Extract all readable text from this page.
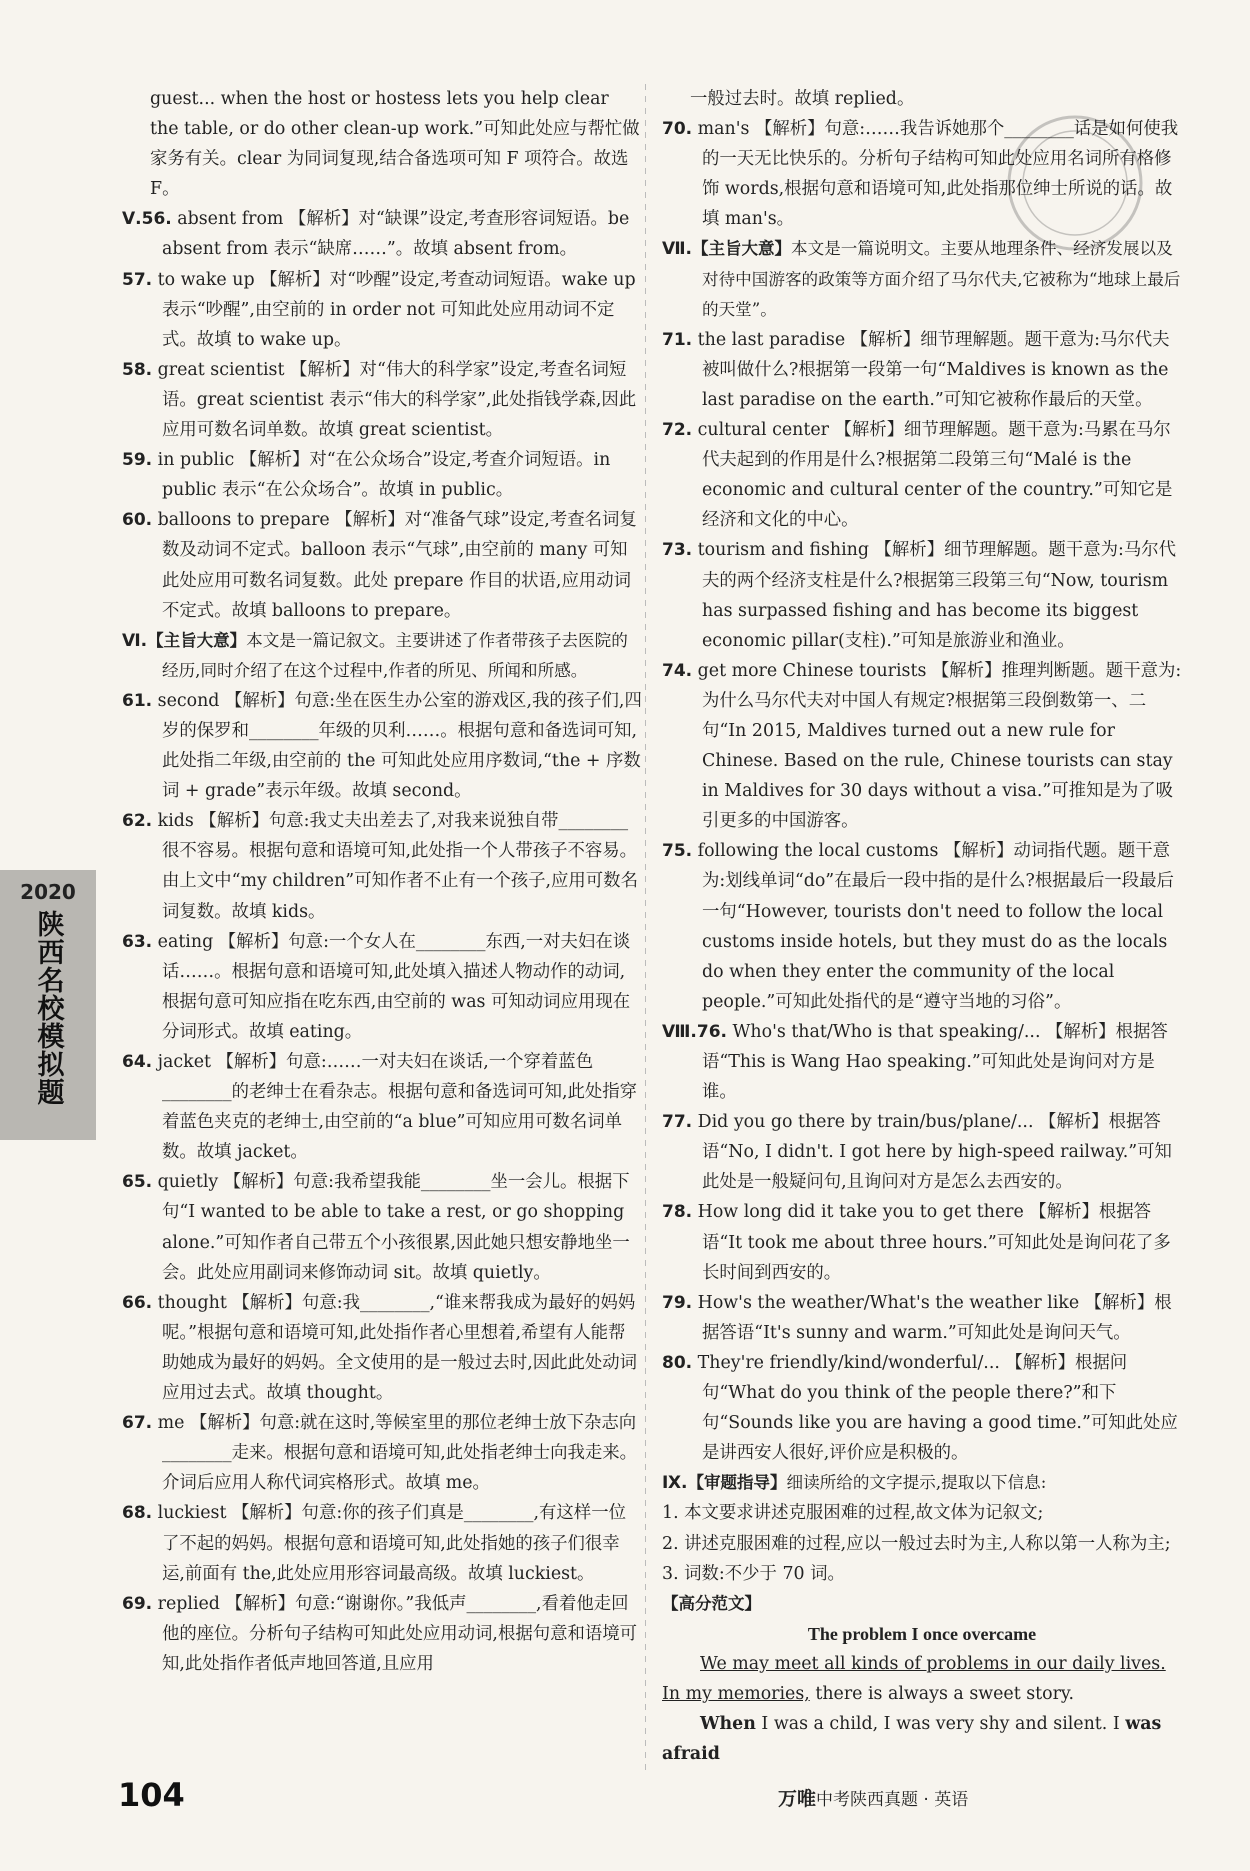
2020
陕西名校模拟题

guest... when the host or hostess lets you help clear the table, or do other clean-up work.”可知此处应与帮忙做家务有关。clear 为同词复现,结合备选项可知 F 项符合。故选 F。

Ⅴ.56. absent from 【解析】对“缺课”设定,考查形容词短语。be absent from 表示“缺席……”。故填 absent from。

57. to wake up 【解析】对“吵醒”设定,考查动词短语。wake up 表示“吵醒”,由空前的 in order not 可知此处应用动词不定式。故填 to wake up。

58. great scientist 【解析】对“伟大的科学家”设定,考查名词短语。great scientist 表示“伟大的科学家”,此处指钱学森,因此应用可数名词单数。故填 great scientist。

59. in public 【解析】对“在公众场合”设定,考查介词短语。in public 表示“在公众场合”。故填 in public。

60. balloons to prepare 【解析】对“准备气球”设定,考查名词复数及动词不定式。balloon 表示“气球”,由空前的 many 可知此处应用可数名词复数。此处 prepare 作目的状语,应用动词不定式。故填 balloons to prepare。

Ⅵ.【主旨大意】本文是一篇记叙文。主要讲述了作者带孩子去医院的经历,同时介绍了在这个过程中,作者的所见、所闻和所感。

61. second 【解析】句意:坐在医生办公室的游戏区,我的孩子们,四岁的保罗和________年级的贝利……。根据句意和备选词可知,此处指二年级,由空前的 the 可知此处应用序数词,“the + 序数词 + grade”表示年级。故填 second。

62. kids 【解析】句意:我丈夫出差去了,对我来说独自带________很不容易。根据句意和语境可知,此处指一个人带孩子不容易。由上文中“my children”可知作者不止有一个孩子,应用可数名词复数。故填 kids。

63. eating 【解析】句意:一个女人在________东西,一对夫妇在谈话……。根据句意和语境可知,此处填入描述人物动作的动词,根据句意可知应指在吃东西,由空前的 was 可知动词应用现在分词形式。故填 eating。

64. jacket 【解析】句意:……一对夫妇在谈话,一个穿着蓝色________的老绅士在看杂志。根据句意和备选词可知,此处指穿着蓝色夹克的老绅士,由空前的“a blue”可知应用可数名词单数。故填 jacket。

65. quietly 【解析】句意:我希望我能________坐一会儿。根据下句“I wanted to be able to take a rest, or go shopping alone.”可知作者自己带五个小孩很累,因此她只想安静地坐一会。此处应用副词来修饰动词 sit。故填 quietly。

66. thought 【解析】句意:我________,“谁来帮我成为最好的妈妈呢。”根据句意和语境可知,此处指作者心里想着,希望有人能帮助她成为最好的妈妈。全文使用的是一般过去时,因此此处动词应用过去式。故填 thought。

67. me 【解析】句意:就在这时,等候室里的那位老绅士放下杂志向________走来。根据句意和语境可知,此处指老绅士向我走来。介词后应用人称代词宾格形式。故填 me。

68. luckiest 【解析】句意:你的孩子们真是________,有这样一位了不起的妈妈。根据句意和语境可知,此处指她的孩子们很幸运,前面有 the,此处应用形容词最高级。故填 luckiest。

69. replied 【解析】句意:“谢谢你。”我低声________,看着他走回他的座位。分析句子结构可知此处应用动词,根据句意和语境可知,此处指作者低声地回答道,且应用

一般过去时。故填 replied。

70. man's 【解析】句意:……我告诉她那个________话是如何使我的一天无比快乐的。分析句子结构可知此处应用名词所有格修饰 words,根据句意和语境可知,此处指那位绅士所说的话。故填 man's。

Ⅶ.【主旨大意】本文是一篇说明文。主要从地理条件、经济发展以及对待中国游客的政策等方面介绍了马尔代夫,它被称为“地球上最后的天堂”。

71. the last paradise 【解析】细节理解题。题干意为:马尔代夫被叫做什么?根据第一段第一句“Maldives is known as the last paradise on the earth.”可知它被称作最后的天堂。

72. cultural center 【解析】细节理解题。题干意为:马累在马尔代夫起到的作用是什么?根据第二段第三句“Malé is the economic and cultural center of the country.”可知它是经济和文化的中心。

73. tourism and fishing 【解析】细节理解题。题干意为:马尔代夫的两个经济支柱是什么?根据第三段第三句“Now, tourism has surpassed fishing and has become its biggest economic pillar(支柱).”可知是旅游业和渔业。

74. get more Chinese tourists 【解析】推理判断题。题干意为:为什么马尔代夫对中国人有规定?根据第三段倒数第一、二句“In 2015, Maldives turned out a new rule for Chinese. Based on the rule, Chinese tourists can stay in Maldives for 30 days without a visa.”可推知是为了吸引更多的中国游客。

75. following the local customs 【解析】动词指代题。题干意为:划线单词“do”在最后一段中指的是什么?根据最后一段最后一句“However, tourists don't need to follow the local customs inside hotels, but they must do as the locals do when they enter the community of the local people.”可知此处指代的是“遵守当地的习俗”。

Ⅷ.76. Who's that/Who is that speaking/... 【解析】根据答语“This is Wang Hao speaking.”可知此处是询问对方是谁。

77. Did you go there by train/bus/plane/... 【解析】根据答语“No, I didn't. I got here by high-speed railway.”可知此处是一般疑问句,且询问对方是怎么去西安的。

78. How long did it take you to get there 【解析】根据答语“It took me about three hours.”可知此处是询问花了多长时间到西安的。

79. How's the weather/What's the weather like 【解析】根据答语“It's sunny and warm.”可知此处是询问天气。

80. They're friendly/kind/wonderful/... 【解析】根据问句“What do you think of the people there?”和下句“Sounds like you are having a good time.”可知此处应是讲西安人很好,评价应是积极的。

Ⅸ.【审题指导】细读所给的文字提示,提取以下信息:

1. 本文要求讲述克服困难的过程,故文体为记叙文;

2. 讲述克服困难的过程,应以一般过去时为主,人称以第一人称为主;

3. 词数:不少于 70 词。

【高分范文】

The problem I once overcame

We may meet all kinds of problems in our daily lives. In my memories, there is always a sweet story.

When I was a child, I was very shy and silent. I was afraid

104	万唯中考陕西真题 · 英语
